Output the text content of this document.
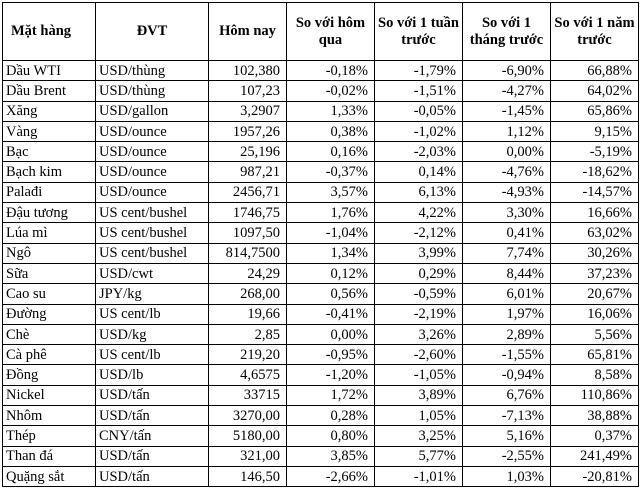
Mặt hàng	ĐVT	Hôm nay	So với hôm qua	So với 1 tuần trước	So với 1 tháng trước	So với 1 năm trước
Dầu WTI	USD/thùng	102,380	-0,18%	-1,79%	-6,90%	66,88%
Dầu Brent	USD/thùng	107,23	-0,02%	-1,51%	-4,27%	64,02%
Xăng	USD/gallon	3,2907	1,33%	-0,05%	-1,45%	65,86%
Vàng	USD/ounce	1957,26	0,38%	-1,02%	1,12%	9,15%
Bạc	USD/ounce	25,196	0,16%	-2,03%	0,00%	-5,19%
Bạch kim	USD/ounce	987,21	-0,37%	0,14%	-4,76%	-18,62%
Palađi	USD/ounce	2456,71	3,57%	6,13%	-4,93%	-14,57%
Đậu tương	US cent/bushel	1746,75	1,76%	4,22%	3,30%	16,66%
Lúa mì	US cent/bushel	1097,50	-1,04%	-2,12%	0,41%	63,02%
Ngô	US cent/bushel	814,7500	1,34%	3,99%	7,74%	30,26%
Sữa	USD/cwt	24,29	0,12%	0,29%	8,44%	37,23%
Cao su	JPY/kg	268,00	0,56%	-0,59%	6,01%	20,67%
Đường	US cent/lb	19,66	-0,41%	-2,19%	1,97%	16,06%
Chè	USD/kg	2,85	0,00%	3,26%	2,89%	5,56%
Cà phê	US cent/lb	219,20	-0,95%	-2,60%	-1,55%	65,81%
Đồng	USD/lb	4,6575	-1,20%	-1,05%	-0,94%	8,58%
Nickel	USD/tấn	33715	1,72%	3,89%	6,76%	110,86%
Nhôm	USD/tấn	3270,00	0,28%	1,05%	-7,13%	38,88%
Thép	CNY/tấn	5180,00	0,80%	3,25%	5,16%	0,37%
Than đá	USD/tấn	321,00	3,85%	5,77%	-2,55%	241,49%
Quặng sắt	USD/tấn	146,50	-2,66%	-1,01%	1,03%	-20,81%
